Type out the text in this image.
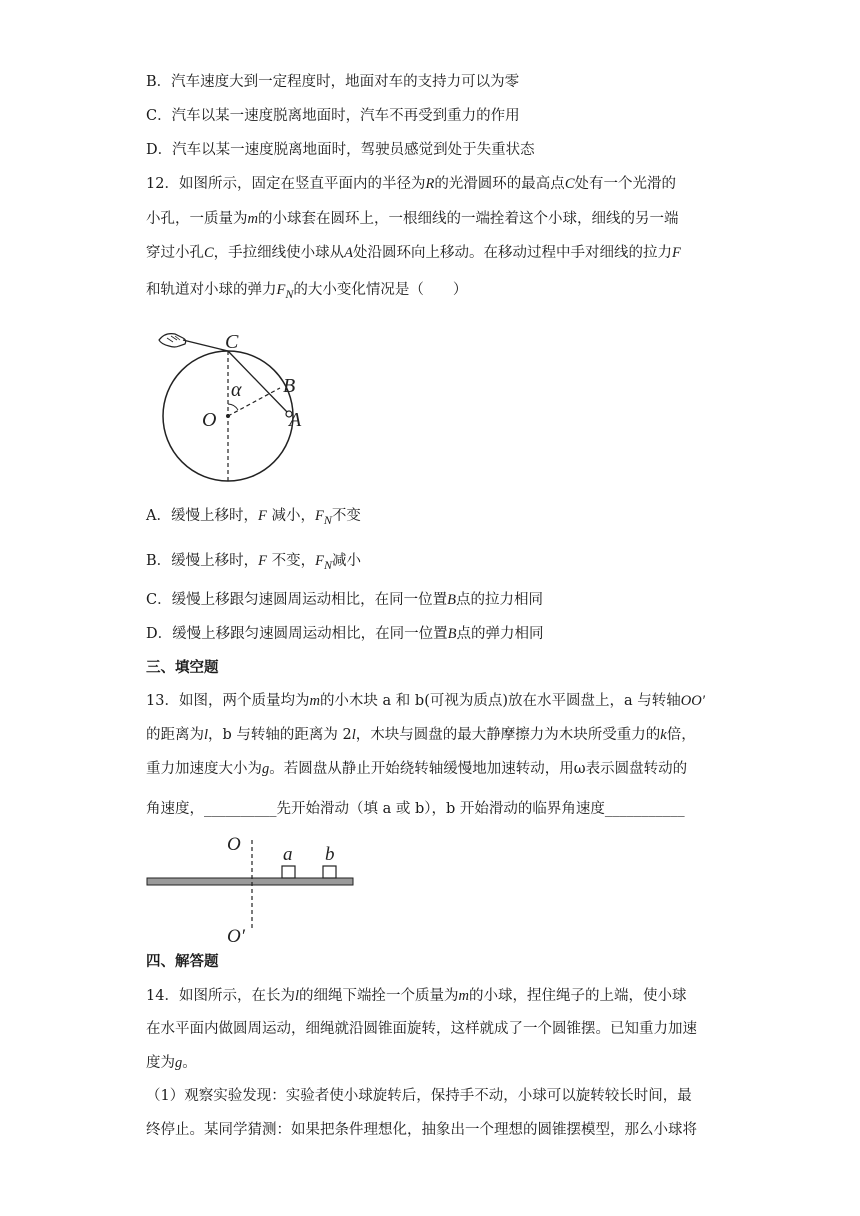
B．汽车速度大到一定程度时，地面对车的支持力可以为零
C．汽车以某一速度脱离地面时，汽车不再受到重力的作用
D．汽车以某一速度脱离地面时，驾驶员感觉到处于失重状态
12．如图所示，固定在竖直平面内的半径为R的光滑圆环的最高点C处有一个光滑的
小孔，一质量为m的小球套在圆环上，一根细线的一端拴着这个小球，细线的另一端
穿过小孔C，手拉细线使小球从A处沿圆环向上移动。在移动过程中手对细线的拉力F
和轨道对小球的弹力$F_N$的大小变化情况是（　　）
C
B
α
O	A
A．缓慢上移时，F 减小，$F_N$不变
B．缓慢上移时，F 不变，$F_N$减小
C．缓慢上移跟匀速圆周运动相比，在同一位置B点的拉力相同
D．缓慢上移跟匀速圆周运动相比，在同一位置B点的弹力相同
三、填空题
13．如图，两个质量均为m的小木块 a 和 b(可视为质点)放在水平圆盘上，a 与转轴OO′
的距离为l，b 与转轴的距离为 2l，木块与圆盘的最大静摩擦力为木块所受重力的k倍，
重力加速度大小为g。若圆盘从静止开始绕转轴缓慢地加速转动，用ω表示圆盘转动的
角速度，__________先开始滑动（填 a 或 b），b 开始滑动的临界角速度___________
O a b
O′
四、解答题
14．如图所示，在长为l的细绳下端拴一个质量为m的小球，捏住绳子的上端，使小球
在水平面内做圆周运动，细绳就沿圆锥面旋转，这样就成了一个圆锥摆。已知重力加速
度为g。
（1）观察实验发现：实验者使小球旋转后，保持手不动，小球可以旋转较长时间，最
终停止。某同学猜测：如果把条件理想化，抽象出一个理想的圆锥摆模型，那么小球将
